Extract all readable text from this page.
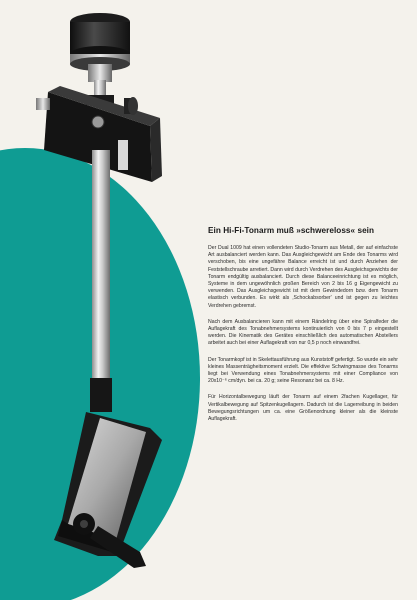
Ein Hi-Fi-Tonarm muß »schwereloss« sein

Der Dual 1009 hat einen vollendeten Studio-Tonarm aus Metall, der auf einfachste Art ausbalanciert werden kann. Das Ausgleichgewicht am Ende des Tonarms wird verschoben, bis eine ungefähre Balance erreicht ist und durch Anziehen der Feststellschraube arretiert. Dann wird durch Verdrehen des Ausgleichsgewichts der Tonarm endgültig ausbalanciert. Durch diese Balanceeinrichtung ist es möglich, Systeme in dem ungewöhnlich großen Bereich von 2 bis 16 g Eigengewicht zu verwenden. Das Ausgleichsgewicht ist mit dem Gewindedorn bzw. dem Tonarm elastisch verbunden. Es wirkt als ‚Schockabsorber' und ist gegen zu leichtes Verdrehen gebremst.

Nach dem Ausbalancieren kann mit einem Rändelring über eine Spiralfeder die Auflagekraft des Tonabnehmersystems kontinuierlich von 0 bis 7 p eingestellt werden. Die Kinematik des Gerätes einschließlich des automatischen Abstellers arbeitet auch bei einer Auflagekraft von nur 0,5 p noch einwandfrei.

Der Tonarmkopf ist in Skelettausführung aus Kunststoff gefertigt. So wurde ein sehr kleines Massenträgheitsmoment erzielt. Die effektive Schwingmasse des Tonarms liegt bei Verwendung eines Tonabnehmersystems mit einer Compliance von 20x10⁻⁶ cm/dyn. bei ca. 20 g; seine Resonanz bei ca. 8 Hz.

Für Horizontalbewegung läuft der Tonarm auf einem 2fachen Kugellager, für Vertikalbewegung auf Spitzenkugellagern. Dadurch ist die Lagerreibung in beiden Bewegungsrichtungen um ca. eine Größenordnung kleiner als die kleinste Auflagekraft.
